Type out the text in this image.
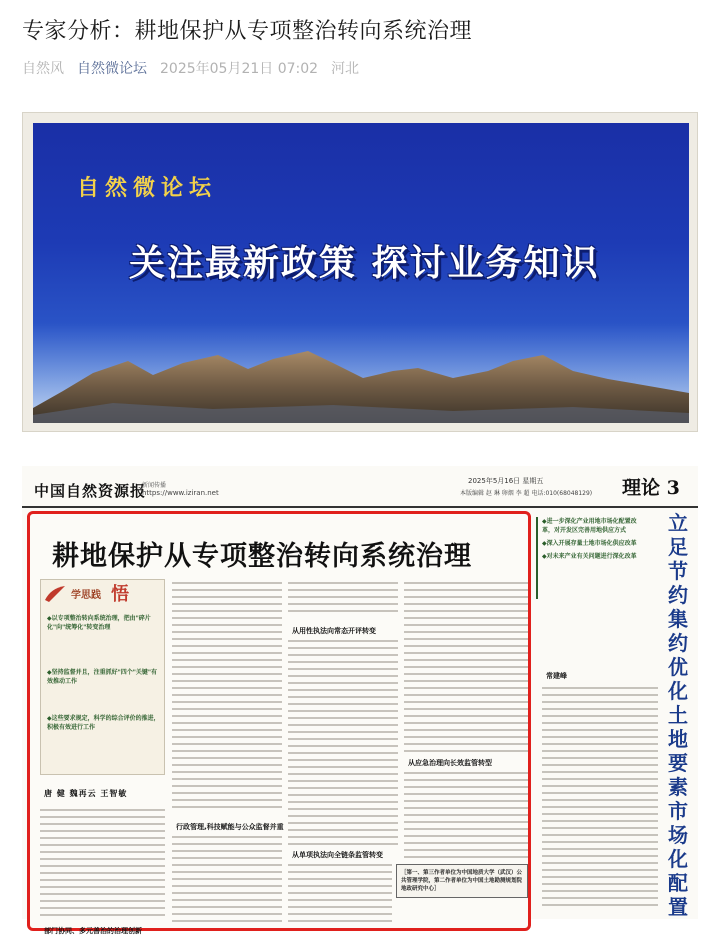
专家分析：耕地保护从专项整治转向系统治理
自然风 自然微论坛 2025年05月21日 07:02 河北
自然微论坛
关注最新政策 探讨业务知识
中国自然资源报
新闻传播
https://www.iziran.net
2025年5月16日 星期五
本版编辑 赵 琳 卵烟 李 超 电话:010(68048129) 理论 3
耕地保护从专项整治转向系统治理
学思践 悟
◆以专项整治转向系统治理，把由"碎片化"向"统筹化"转变治理
◆坚持监督并且，注重抓好"四个"关键"有效推动工作
◆这些要求规定，科学的综合评价的推进，积极有效进行工作
唐 健 魏再云 王智敏
部门协同、多元善治的治理创新
行政管理,科技赋能与公众监督并重
从用性执法向常态开评转变
从单项执法向全链条监管转变
从应急治理向长效监管转型
［第一、第三作者单位为中国地质大学（武汉）公共管理学院，第二作者单位为中国土地勘测规划院地政研究中心］
◆进一步深化产业用地市场化配置改革，对开发区完善用地供应方式
◆深入开展存量土地市场化供应改革
◆对未来产业有关问题进行深化改革
常建峰
立足节约集约优化土地要素市场化配置
